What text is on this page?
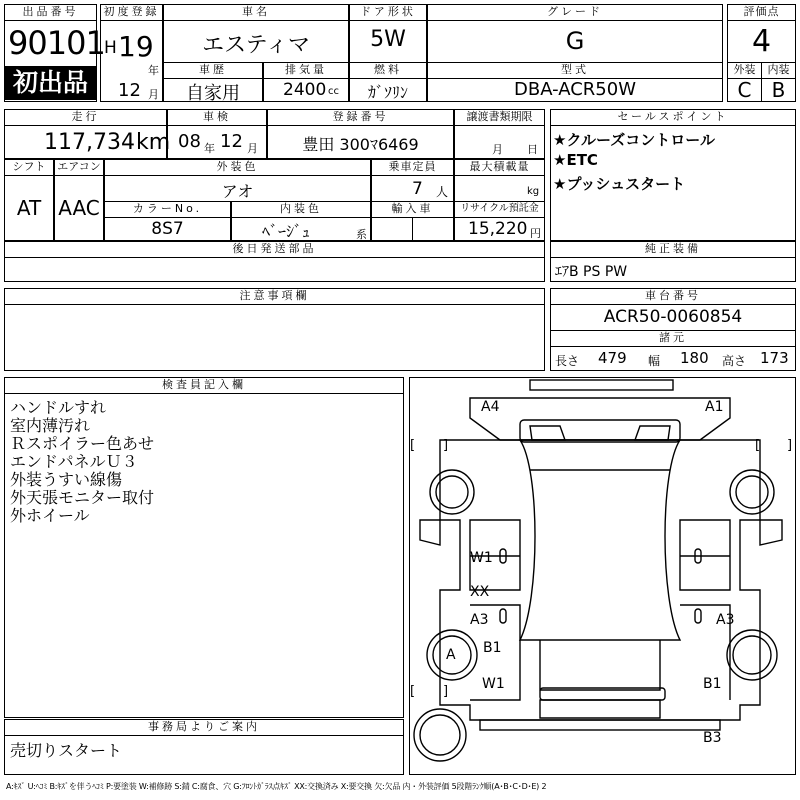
出品番号
90101
初出品
初度登録
H 19
年
12 月
車名
エスティマ
ドア形状
5W
グレード
G
評価点
4
車歴
自家用
排気量
2400 cc
燃料
ｶﾞｿﾘﾝ
型式
DBA-ACR50W
外装	内装
C	B
走行
117,734 km
車検
08 年 12 月
登録番号
豊田 300ﾏ6469
譲渡書類期限
月 日
シフト
AT
エアコン
AAC
外装色
アオ
乗車定員
7 人
最大積載量
kg
カラーNo.
8S7
内装色
ﾍﾞｰｼﾞｭ	系
輸入車	リサイクル預託金
15,220 円
後日発送部品
セールスポイント
★クルーズコントロール
★ETC
★プッシュスタート
純正装備
ｴｱB PS PW
注意事項欄	車台番号
ACR50-0060854
諸元
長さ 479 幅 180 高さ 173
検査員記入欄
ハンドルすれ
室内薄汚れ
Ｒスポイラー色あせ
エンドパネルＵ３
外装うすい線傷
外天張モニター取付
外ホイール
事務局よりご案内
売切りスタート
A4	A1
W1
XX
A3	A3
A B1
W1	B1
B3
[ ]	[ ]
[ ]
A:ｷｽﾞ U:ﾍｺﾐ B:ｷｽﾞを伴うﾍｺﾐ P:要塗装 W:補修跡 S:錆 C:腐食、穴 G:ﾌﾛﾝﾄｶﾞﾗｽ点ｷｽﾞ XX:交換済み X:要交換 欠:欠品 内・外装評価 5段階ﾗﾝｸ順(A･B･C･D･E) 2
